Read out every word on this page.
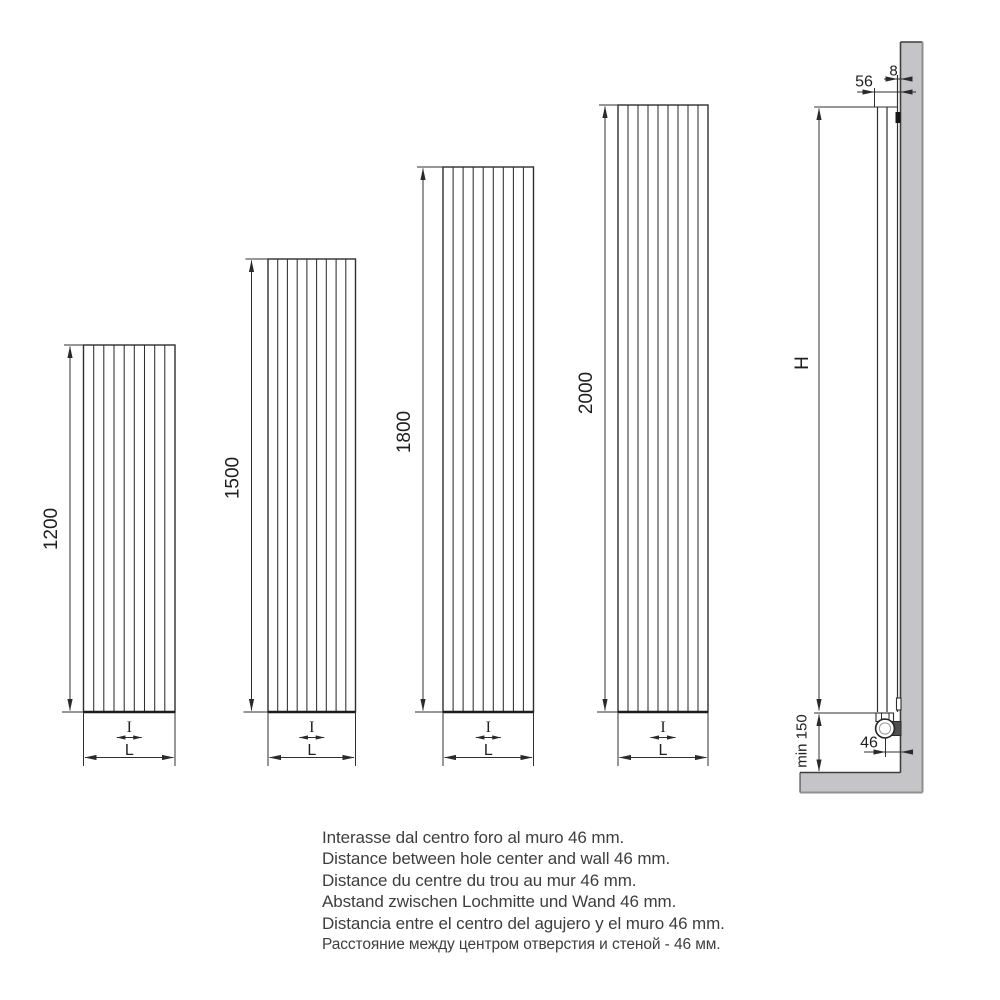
1200
I
L
1500
I
L
1800
I
L
2000
I
L
H
min 150
56
8
46
Interasse dal centro foro al muro 46 mm.
Distance between hole center and wall 46 mm.
Distance du centre du trou au mur 46 mm.
Abstand zwischen Lochmitte und Wand 46 mm.
Distancia entre el centro del agujero y el muro 46 mm.
Расстояние между центром отверстия и стеной - 46 мм.
